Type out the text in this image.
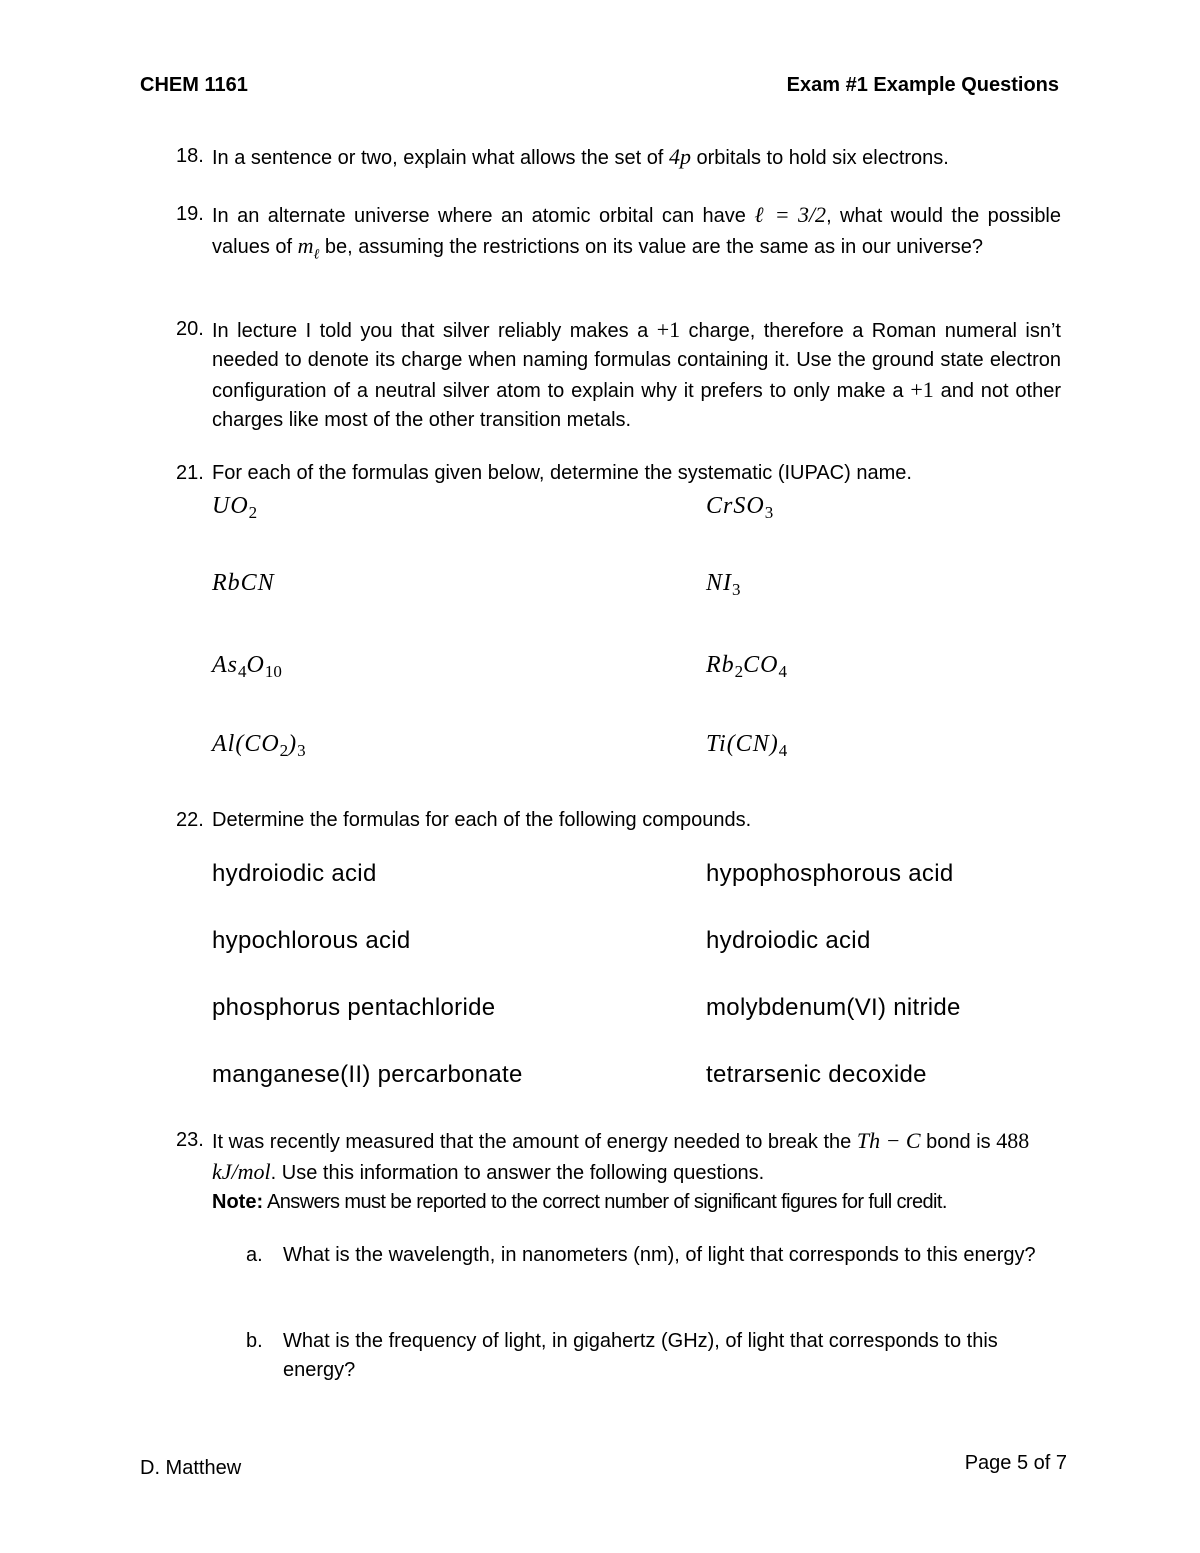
CHEM 1161	Exam #1 Example Questions
18. In a sentence or two, explain what allows the set of 4p orbitals to hold six electrons.
19. In an alternate universe where an atomic orbital can have ℓ = 3/2, what would the possible values of $m_\ell$ be, assuming the restrictions on its value are the same as in our universe?
20. In lecture I told you that silver reliably makes a +1 charge, therefore a Roman numeral isn’t needed to denote its charge when naming formulas containing it. Use the ground state electron configuration of a neutral silver atom to explain why it prefers to only make a +1 and not other charges like most of the other transition metals.
21. For each of the formulas given below, determine the systematic (IUPAC) name.
$UO_2$	CrSO$_3$
RbCN	$NI_3$
$As_4O_{10}$	$Rb_2CO_4$
$Al(CO_2)_3$	$Ti(CN)_4$
22. Determine the formulas for each of the following compounds.
hydroiodic acid	hypophosphorous acid
hypochlorous acid	hydroiodic acid
phosphorus pentachloride	molybdenum(VI) nitride
manganese(II) percarbonate	tetrarsenic decoxide
23. It was recently measured that the amount of energy needed to break the Th − C bond is 488 kJ/mol. Use this information to answer the following questions.
Note: Answers must be reported to the correct number of significant figures for full credit.
a. What is the wavelength, in nanometers (nm), of light that corresponds to this energy?
b. What is the frequency of light, in gigahertz (GHz), of light that corresponds to this energy?
D. Matthew	Page 5 of 7
